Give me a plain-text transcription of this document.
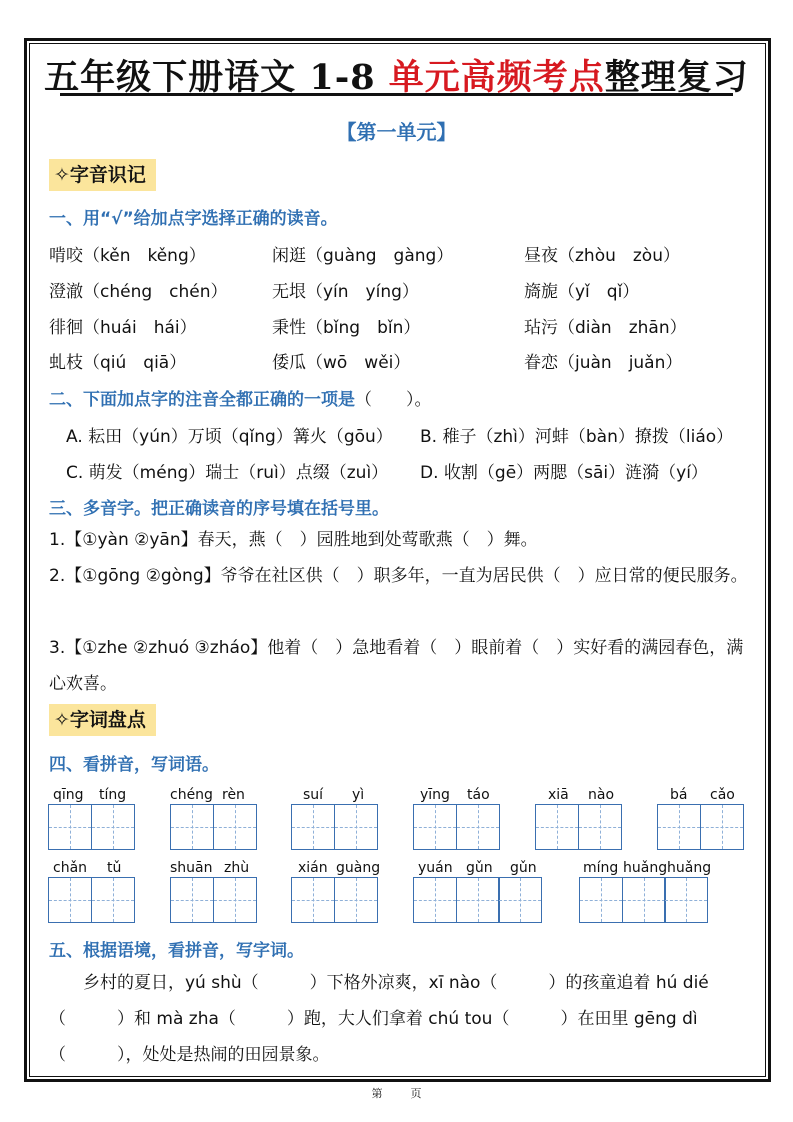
五年级下册语文 1-8 单元高频考点整理复习
【第一单元】
✧字音识记
一、用“√”给加点字选择正确的读音。
啃咬（kěn　kěng）	闲逛（guàng　gàng）	昼夜（zhòu　zòu）
澄澈（chéng　chén）	无垠（yín　yíng）	旖旎（yǐ　qǐ）
徘徊（huái　hái）	秉性（bǐng　bǐn）	玷污（diàn　zhān）
虬枝（qiú　qiā）	倭瓜（wō　wěi）	眷恋（juàn　juǎn）
二、下面加点字的注音全都正确的一项是（　　）。
A. 耘田（yún）万顷（qǐng）篝火（gōu） B. 稚子（zhì）河蚌（bàn）撩拨（liáo）
C. 萌发（méng）瑞士（ruì）点缀（zuì） D. 收割（gē）两腮（sāi）涟漪（yí）
三、多音字。把正确读音的序号填在括号里。
1.【①yàn ②yān】春天，燕（　）园胜地到处莺歌燕（　）舞。
2.【①gōng ②gòng】爷爷在社区供（　）职多年，一直为居民供（　）应日常的便民服务。
3.【①zhe ②zhuó ③zháo】他着（　）急地看着（　）眼前着（　）实好看的满园春色，满心欢喜。
✧字词盘点
四、看拼音，写词语。
qīng tíng	chéng rèn	suí yì	yīng táo	xiā nào	bá cǎo
chǎn tǔ	shuān zhù	xián guàng	yuán gǔn gǔn	míng huǎng huǎng
五、根据语境，看拼音，写字词。
　　乡村的夏日，yú shù（　　　）下格外凉爽，xī nào（　　　）的孩童追着 hú dié（　　　）和 mà zha（　　　）跑，大人们拿着 chú tou（　　　）在田里 gēng dì（　　　），处处是热闹的田园景象。
第	页
